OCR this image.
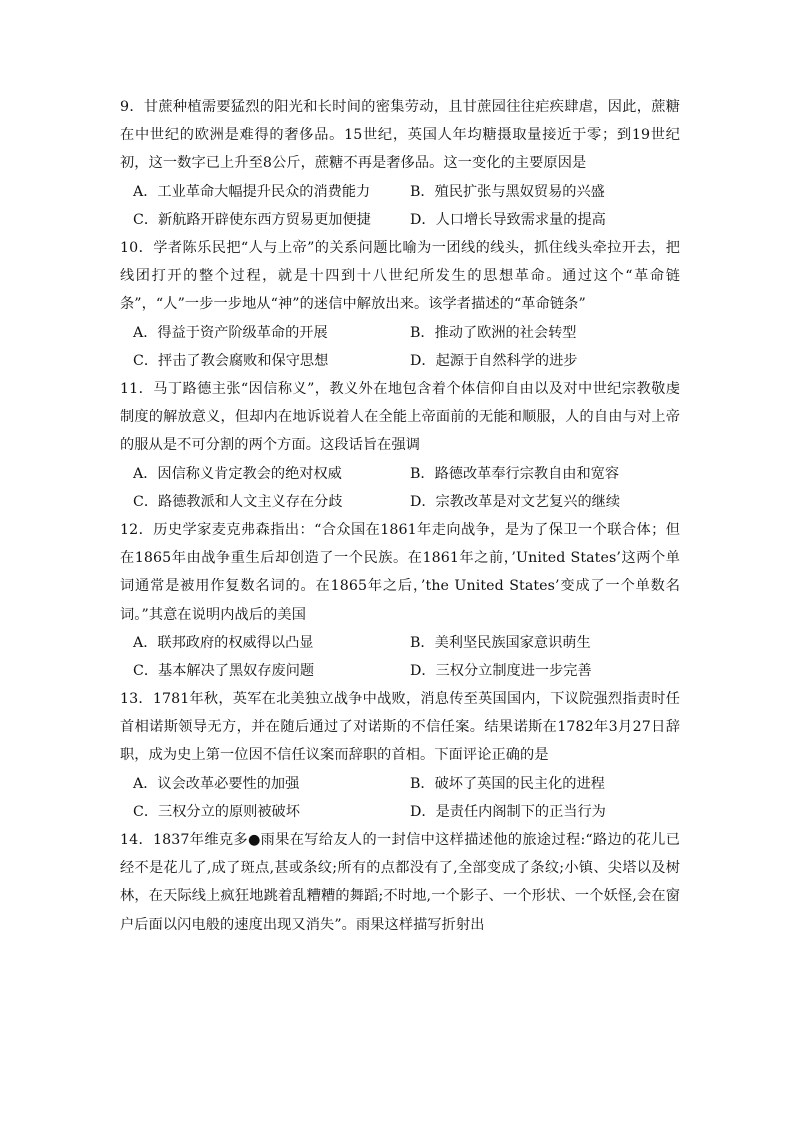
9．甘蔗种植需要猛烈的阳光和长时间的密集劳动，且甘蔗园往往疟疾肆虐，因此，蔗糖在中世纪的欧洲是难得的奢侈品。15世纪，英国人年均糖摄取量接近于零；到19世纪初，这一数字已上升至8公斤，蔗糖不再是奢侈品。这一变化的主要原因是

A．工业革命大幅提升民众的消费能力	B．殖民扩张与黑奴贸易的兴盛
C．新航路开辟使东西方贸易更加便捷	D．人口增长导致需求量的提高

10．学者陈乐民把“人与上帝”的关系问题比喻为一团线的线头，抓住线头牵拉开去，把线团打开的整个过程，就是十四到十八世纪所发生的思想革命。通过这个“革命链条”，“人”一步一步地从“神”的迷信中解放出来。该学者描述的“革命链条”

A．得益于资产阶级革命的开展	B．推动了欧洲的社会转型
C．抨击了教会腐败和保守思想	D．起源于自然科学的进步

11．马丁路德主张“因信称义”，教义外在地包含着个体信仰自由以及对中世纪宗教敬虔制度的解放意义，但却内在地诉说着人在全能上帝面前的无能和顺服，人的自由与对上帝的服从是不可分割的两个方面。这段话旨在强调

A．因信称义肯定教会的绝对权威	B．路德改革奉行宗教自由和宽容
C．路德教派和人文主义存在分歧	D．宗教改革是对文艺复兴的继续

12．历史学家麦克弗森指出：“合众国在1861年走向战争，是为了保卫一个联合体；但在1865年由战争重生后却创造了一个民族。在1861年之前，’United States’这两个单词通常是被用作复数名词的。在1865年之后，’the United States’变成了一个单数名词。”其意在说明内战后的美国

A．联邦政府的权威得以凸显	B．美利坚民族国家意识萌生
C．基本解决了黑奴存废问题	D．三权分立制度进一步完善

13．1781年秋，英军在北美独立战争中战败，消息传至英国国内，下议院强烈指责时任首相诺斯领导无方，并在随后通过了对诺斯的不信任案。结果诺斯在1782年3月27日辞职，成为史上第一位因不信任议案而辞职的首相。下面评论正确的是

A．议会改革必要性的加强	B．破坏了英国的民主化的进程
C．三权分立的原则被破坏	D．是责任内阁制下的正当行为

14．1837年维克多●雨果在写给友人的一封信中这样描述他的旅途过程:“路边的花儿已经不是花儿了,成了斑点,甚或条纹;所有的点都没有了,全部变成了条纹;小镇、尖塔以及树林，在天际线上疯狂地跳着乱糟糟的舞蹈;不时地,一个影子、一个形状、一个妖怪,会在窗户后面以闪电般的速度出现又消失”。雨果这样描写折射出
